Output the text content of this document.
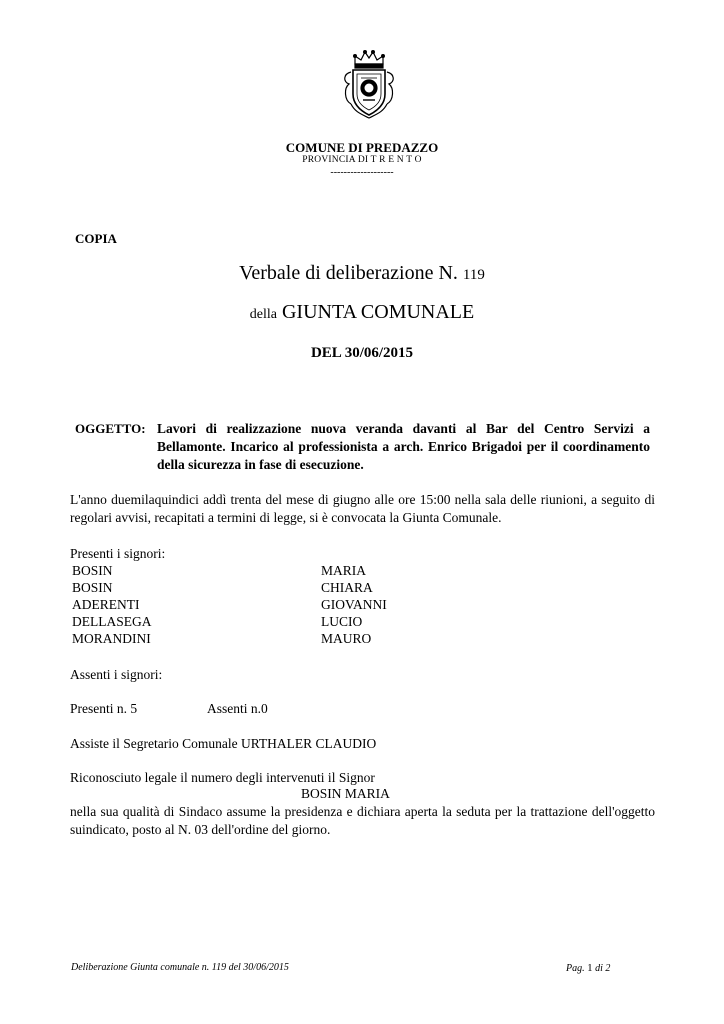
COMUNE DI PREDAZZO
PROVINCIA DI T R E N T O
-------------------
COPIA
Verbale di deliberazione N. 119
della GIUNTA COMUNALE
DEL 30/06/2015
OGGETTO: Lavori di realizzazione nuova veranda davanti al Bar del Centro Servizi a Bellamonte. Incarico al professionista a arch. Enrico Brigadoi per il coordinamento della sicurezza in fase di esecuzione.
L'anno duemilaquindici addì trenta del mese di giugno alle ore 15:00 nella sala delle riunioni, a seguito di regolari avvisi, recapitati a termini di legge, si è convocata la Giunta Comunale.
Presenti i signori:
BOSIN	MARIA
BOSIN	CHIARA
ADERENTI	GIOVANNI
DELLASEGA	LUCIO
MORANDINI	MAURO
Assenti i signori:
Presenti n. 5	Assenti n.0
Assiste il Segretario Comunale URTHALER CLAUDIO
Riconosciuto legale il numero degli intervenuti il Signor
BOSIN MARIA
nella sua qualità di Sindaco assume la presidenza e dichiara aperta la seduta per la trattazione dell'oggetto suindicato, posto al N. 03 dell'ordine del giorno.
Deliberazione Giunta comunale n. 119 del 30/06/2015	Pag. 1 di 2
